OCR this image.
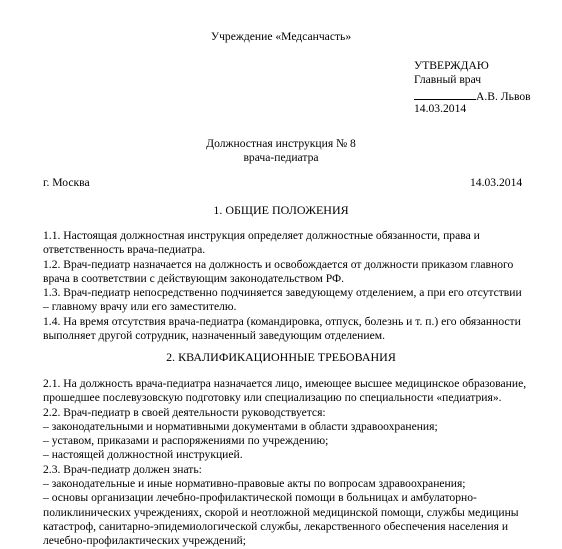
Учреждение «Медсанчасть»
УТВЕРЖДАЮ
Главный врач
А.В. Львов
14.03.2014
Должностная инструкция № 8
врача-педиатра
г. Москва	14.03.2014
1. ОБЩИЕ ПОЛОЖЕНИЯ
1.1. Настоящая должностная инструкция определяет должностные обязанности, права и
ответственность врача-педиатра.
1.2. Врач-педиатр назначается на должность и освобождается от должности приказом главного
врача в соответствии с действующим законодательством РФ.
1.3. Врач-педиатр непосредственно подчиняется заведующему отделением, а при его отсутствии
– главному врачу или его заместителю.
1.4. На время отсутствия врача-педиатра (командировка, отпуск, болезнь и т. п.) его обязанности
выполняет другой сотрудник, назначенный заведующим отделением.
2. КВАЛИФИКАЦИОННЫЕ ТРЕБОВАНИЯ
2.1. На должность врача-педиатра назначается лицо, имеющее высшее медицинское образование,
прошедшее послевузовскую подготовку или специализацию по специальности «педиатрия».
2.2. Врач-педиатр в своей деятельности руководствуется:
– законодательными и нормативными документами в области здравоохранения;
– уставом, приказами и распоряжениями по учреждению;
– настоящей должностной инструкцией.
2.3. Врач-педиатр должен знать:
– законодательные и иные нормативно-правовые акты по вопросам здравоохранения;
– основы организации лечебно-профилактической помощи в больницах и амбулаторно-
поликлинических учреждениях, скорой и неотложной медицинской помощи, службы медицины
катастроф, санитарно-эпидемиологической службы, лекарственного обеспечения населения и
лечебно-профилактических учреждений;
